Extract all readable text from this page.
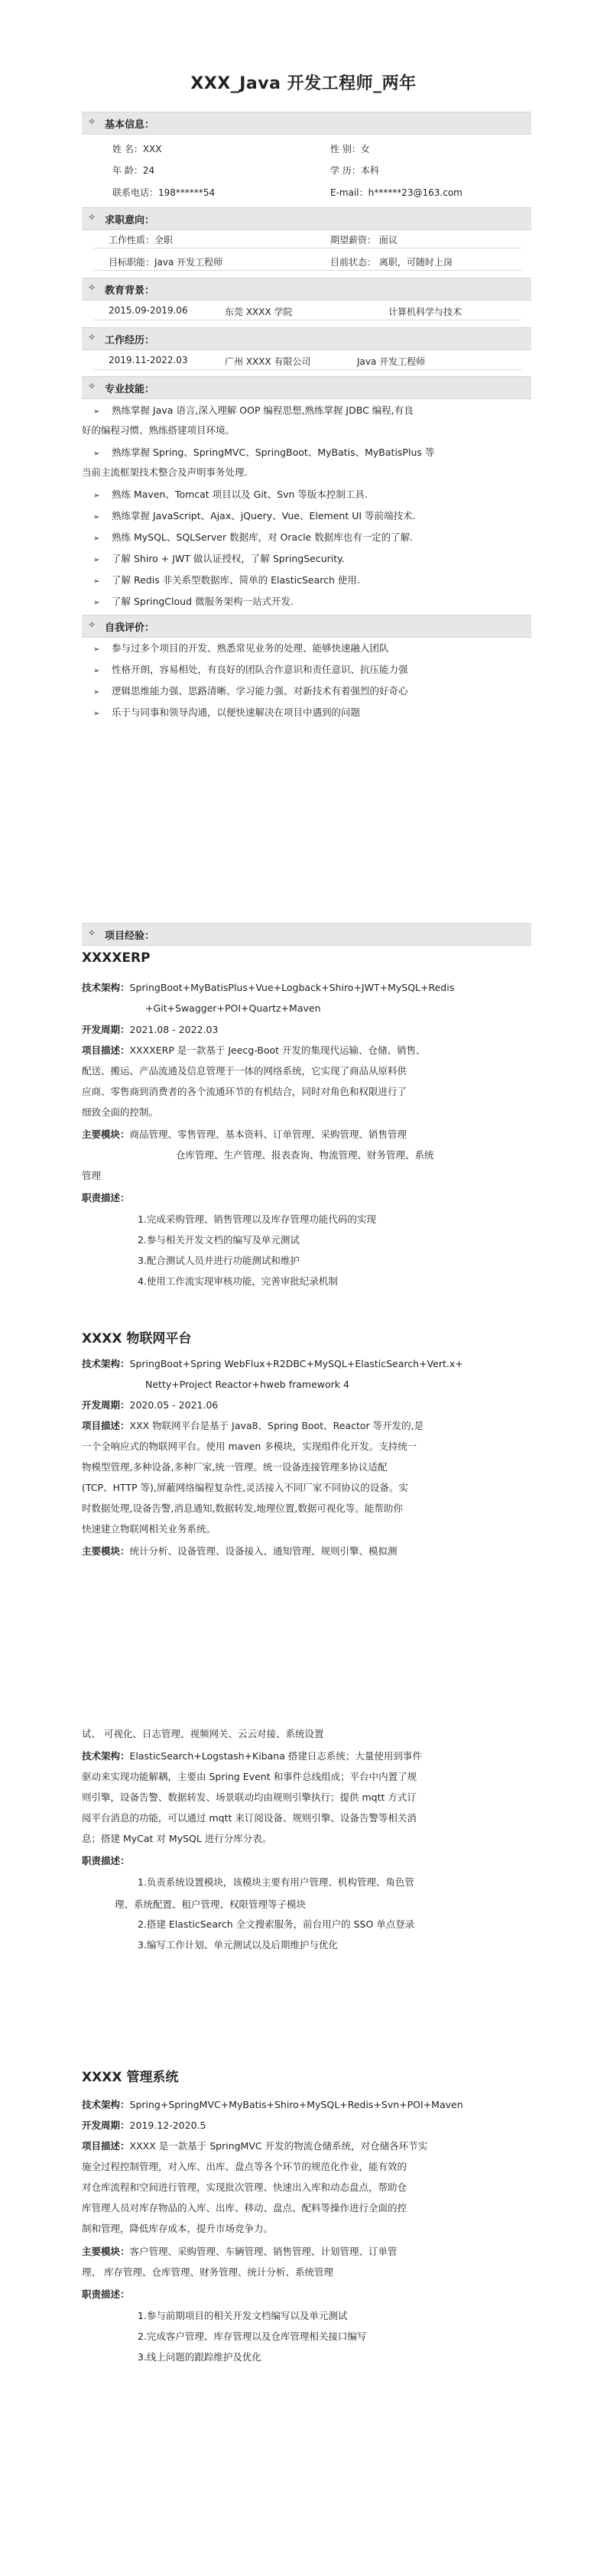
XXX_Java 开发工程师_两年
✧ 基本信息：
姓 名：XXX	性 别：女
年 龄：24	学 历：本科
联系电话：198******54	E-mail：h******23@163.com
✧ 求职意向：
工作性质：全职	期望薪资： 面议
目标职能：Java 开发工程师	目前状态： 离职，可随时上岗
✧ 教育背景：
2015.09-2019.06	东莞 XXXX 学院	计算机科学与技术
✧ 工作经历：
2019.11-2022.03	广州 XXXX 有限公司	Java 开发工程师
✧ 专业技能：
➢ 熟练掌握 Java 语言,深入理解 OOP 编程思想,熟练掌握 JDBC 编程,有良
好的编程习惯、熟练搭建项目环境。
➢ 熟练掌握 Spring、SpringMVC、SpringBoot、MyBatis、MyBatisPlus 等
当前主流框架技术整合及声明事务处理.
➢ 熟练 Maven、Tomcat 项目以及 Git、Svn 等版本控制工具.
➢ 熟练掌握 JavaScript、Ajax、jQuery、Vue、Element UI 等前端技术.
➢ 熟练 MySQL、SQLServer 数据库，对 Oracle 数据库也有一定的了解.
➢ 了解 Shiro + JWT 做认证授权，了解 SpringSecurity.
➢ 了解 Redis 非关系型数据库、简单的 ElasticSearch 使用.
➢ 了解 SpringCloud 微服务架构一站式开发.
✧ 自我评价：
➢ 参与过多个项目的开发、熟悉常见业务的处理、能够快速融入团队
➢ 性格开朗，容易相处，有良好的团队合作意识和责任意识、抗压能力强
➢ 逻辑思维能力强、思路清晰、学习能力强、对新技术有着强烈的好奇心
➢ 乐于与同事和领导沟通，以便快速解决在项目中遇到的问题
✧ 项目经验：
XXXXERP
技术架构：SpringBoot+MyBatisPlus+Vue+Logback+Shiro+JWT+MySQL+Redis
+Git+Swagger+POI+Quartz+Maven
开发周期：2021.08 - 2022.03
项目描述：XXXXERP 是一款基于 Jeecg-Boot 开发的集现代运输、仓储、销售、
配送、搬运、产品流通及信息管理于一体的网络系统，它实现了商品从原料供
应商、零售商到消费者的各个流通环节的有机结合，同时对角色和权限进行了
细致全面的控制。
主要模块：商品管理、零售管理、基本资料、订单管理、采购管理、销售管理
仓库管理、生产管理、报表查询、物流管理、财务管理、系统
管理
职责描述：
1.完成采购管理、销售管理以及库存管理功能代码的实现
2.参与相关开发文档的编写及单元测试
3.配合测试人员并进行功能测试和维护
4.使用工作流实现审核功能，完善审批纪录机制
XXXX 物联网平台
技术架构：SpringBoot+Spring WebFlux+R2DBC+MySQL+ElasticSearch+Vert.x+
Netty+Project Reactor+hweb framework 4
开发周期：2020.05 - 2021.06
项目描述：XXX 物联网平台是基于 Java8、Spring Boot、Reactor 等开发的,是
一个全响应式的物联网平台。使用 maven 多模块，实现组件化开发。支持统一
物模型管理,多种设备,多种厂家,统一管理。统一设备连接管理多协议适配
(TCP、HTTP 等),屏蔽网络编程复杂性,灵活接入不同厂家不同协议的设备。实
时数据处理,设备告警,消息通知,数据转发,地理位置,数据可视化等。能帮助你
快速建立物联网相关业务系统。
主要模块：统计分析、设备管理、设备接入、通知管理、规则引擎、模拟测
试、 可视化、日志管理、视频网关、云云对接、系统设置
技术架构：ElasticSearch+Logstash+Kibana 搭建日志系统；大量使用到事件
驱动来实现功能解耦，主要由 Spring Event 和事件总线组成；平台中内置了规
则引擎，设备告警、数据转发、场景联动均由规则引擎执行；提供 mqtt 方式订
阅平台消息的功能，可以通过 mqtt 来订阅设备、规则引擎、设备告警等相关消
息；搭建 MyCat 对 MySQL 进行分库分表。
职责描述：
1.负责系统设置模块，该模块主要有用户管理、机构管理、角色管
理、系统配置、租户管理、权限管理等子模块
2.搭建 ElasticSearch 全文搜索服务，前台用户的 SSO 单点登录
3.编写工作计划、单元测试以及后期维护与优化
XXXX 管理系统
技术架构：Spring+SpringMVC+MyBatis+Shiro+MySQL+Redis+Svn+POI+Maven
开发周期：2019.12-2020.5
项目描述：XXXX 是一款基于 SpringMVC 开发的物流仓储系统，对仓储各环节实
施全过程控制管理，对入库、出库、盘点等各个环节的规范化作业，能有效的
对仓库流程和空间进行管理，实现批次管理、快速出入库和动态盘点，帮助仓
库管理人员对库存物品的入库、出库、移动、盘点、配料等操作进行全面的控
制和管理，降低库存成本，提升市场竞争力。
主要模块：客户管理、采购管理、车辆管理、销售管理、计划管理、订单管
理、 库存管理、仓库管理、财务管理、统计分析、系统管理
职责描述：
1.参与前期项目的相关开发文档编写以及单元测试
2.完成客户管理、库存管理以及仓库管理相关接口编写
3.线上问题的跟踪维护及优化
